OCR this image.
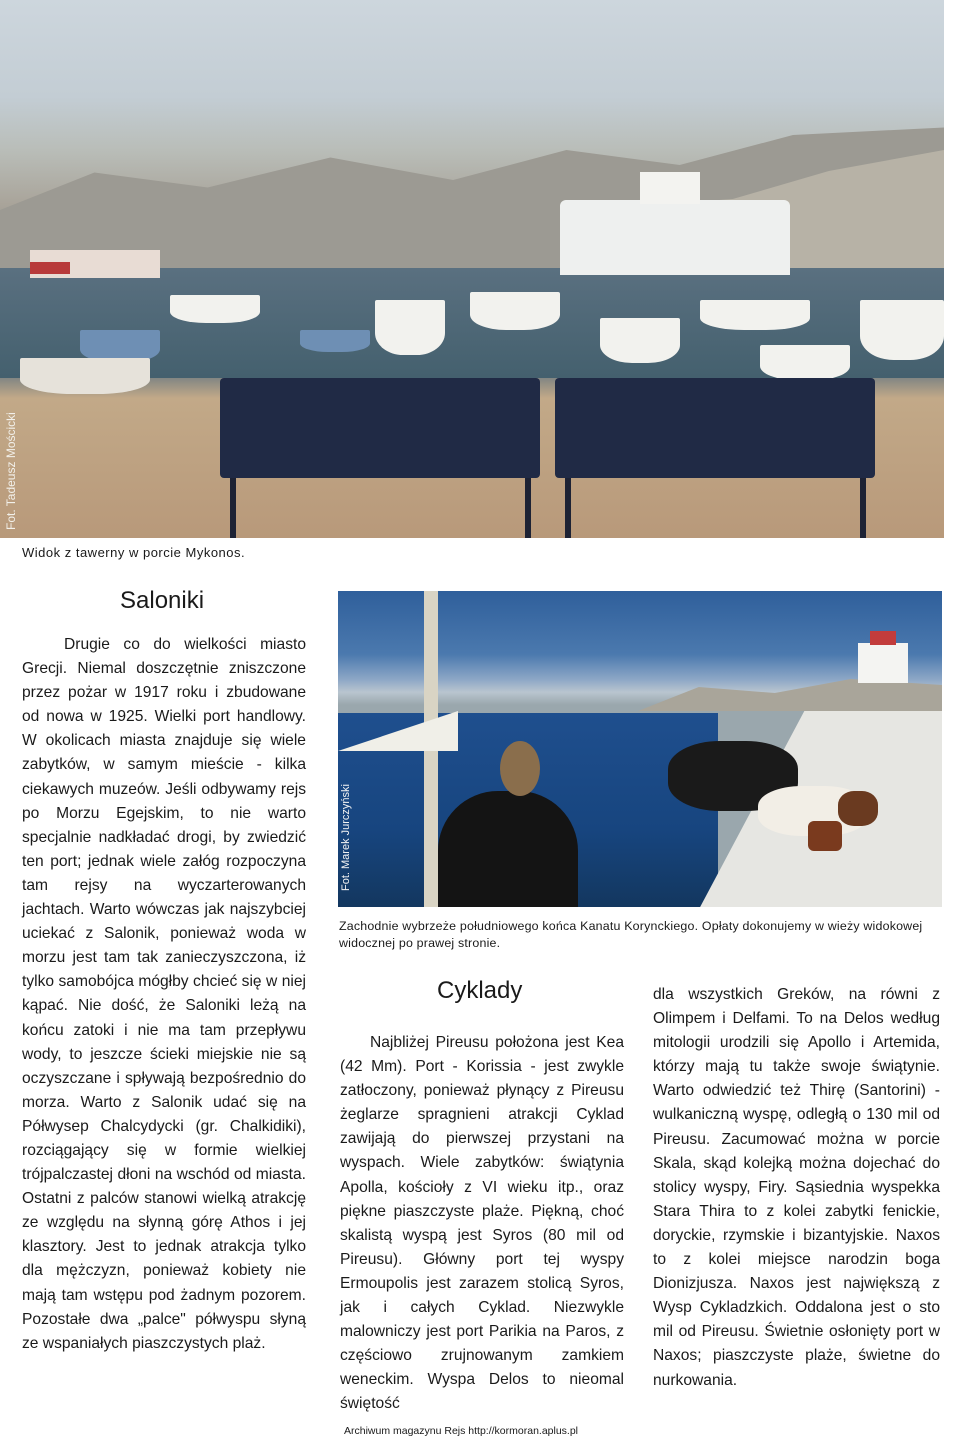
Fot. Tadeusz Mościcki
Widok z tawerny w porcie Mykonos.
Saloniki

Drugie co do wielkości miasto Grecji. Niemal doszczętnie zniszczone przez pożar w 1917 roku i zbudowane od nowa w 1925. Wielki port handlowy. W okolicach miasta znajduje się wiele zabytków, w samym mieście - kilka ciekawych muzeów. Jeśli odbywamy rejs po Morzu Egejskim, to nie warto specjalnie nadkładać drogi, by zwiedzić ten port; jednak wiele załóg rozpoczyna tam rejsy na wyczarterowanych jachtach. Warto wówczas jak najszybciej uciekać z Salonik, ponieważ woda w morzu jest tam tak zanieczyszczona, iż tylko samobójca mógłby chcieć się w niej kąpać. Nie dość, że Saloniki leżą na końcu zatoki i nie ma tam przepływu wody, to jeszcze ścieki miejskie nie są oczyszczane i spływają bezpośrednio do morza. Warto z Salonik udać się na Półwysep Chalcydycki (gr. Chalkidiki), rozciągający się w formie wielkiej trójpalczastej dłoni na wschód od miasta. Ostatni z palców stanowi wielką atrakcję ze względu na słynną górę Athos i jej klasztory. Jest to jednak atrakcja tylko dla mężczyzn, ponieważ kobiety nie mają tam wstępu pod żadnym pozorem. Pozostałe dwa „palce" półwyspu słyną ze wspaniałych piaszczystych plaż.

Fot. Marek Jurczyński
Zachodnie wybrzeże południowego końca Kanatu Korynckiego. Opłaty dokonujemy w wieży widokowej widocznej po prawej stronie.
Cyklady

Najbliżej Pireusu położona jest Kea (42 Mm). Port - Korissia - jest zwykle zatłoczony, ponieważ płynący z Pireusu żeglarze spragnieni atrakcji Cyklad zawijają do pierwszej przystani na wyspach. Wiele zabytków: świątynia Apolla, kościoły z VI wieku itp., oraz piękne piaszczyste plaże. Piękną, choć skalistą wyspą jest Syros (80 mil od Pireusu). Główny port tej wyspy Ermoupolis jest zarazem stolicą Syros, jak i całych Cyklad. Niezwykle malowniczy jest port Parikia na Paros, z częściowo zrujnowanym zamkiem weneckim. Wyspa Delos to nieomal świętość

dla wszystkich Greków, na równi z Olimpem i Delfami. To na Delos według mitologii urodzili się Apollo i Artemida, którzy mają tu także swoje świątynie. Warto odwiedzić też Thirę (Santorini) - wulkaniczną wyspę, odległą o 130 mil od Pireusu. Zacumować można w porcie Skala, skąd kolejką można dojechać do stolicy wyspy, Firy. Sąsiednia wyspekka Stara Thira to z kolei zabytki fenickie, doryckie, rzymskie i bizantyjskie. Naxos to z kolei miejsce narodzin boga Dionizjusza. Naxos jest największą z Wysp Cykladzkich. Oddalona jest o sto mil od Pireusu. Świetnie osłonięty port w Naxos; piaszczyste plaże, świetne do nurkowania.

Archiwum magazynu Rejs http://kormoran.aplus.pl
